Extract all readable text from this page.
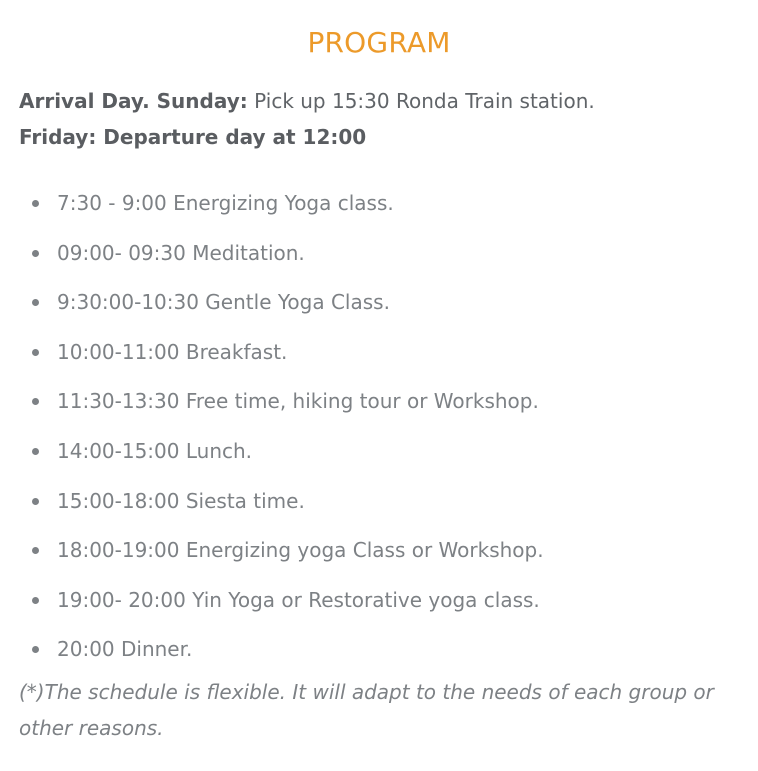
PROGRAM
Arrival Day. Sunday: Pick up 15:30 Ronda Train station.
Friday: Departure day at 12:00
7:30 - 9:00 Energizing Yoga class.
09:00- 09:30 Meditation.
9:30:00-10:30 Gentle Yoga Class.
10:00-11:00 Breakfast.
11:30-13:30 Free time, hiking tour or Workshop.
14:00-15:00 Lunch.
15:00-18:00 Siesta time.
18:00-19:00 Energizing yoga Class or Workshop.
19:00- 20:00 Yin Yoga or Restorative yoga class.
20:00 Dinner.

(*)The schedule is flexible. It will adapt to the needs of each group or other reasons.
